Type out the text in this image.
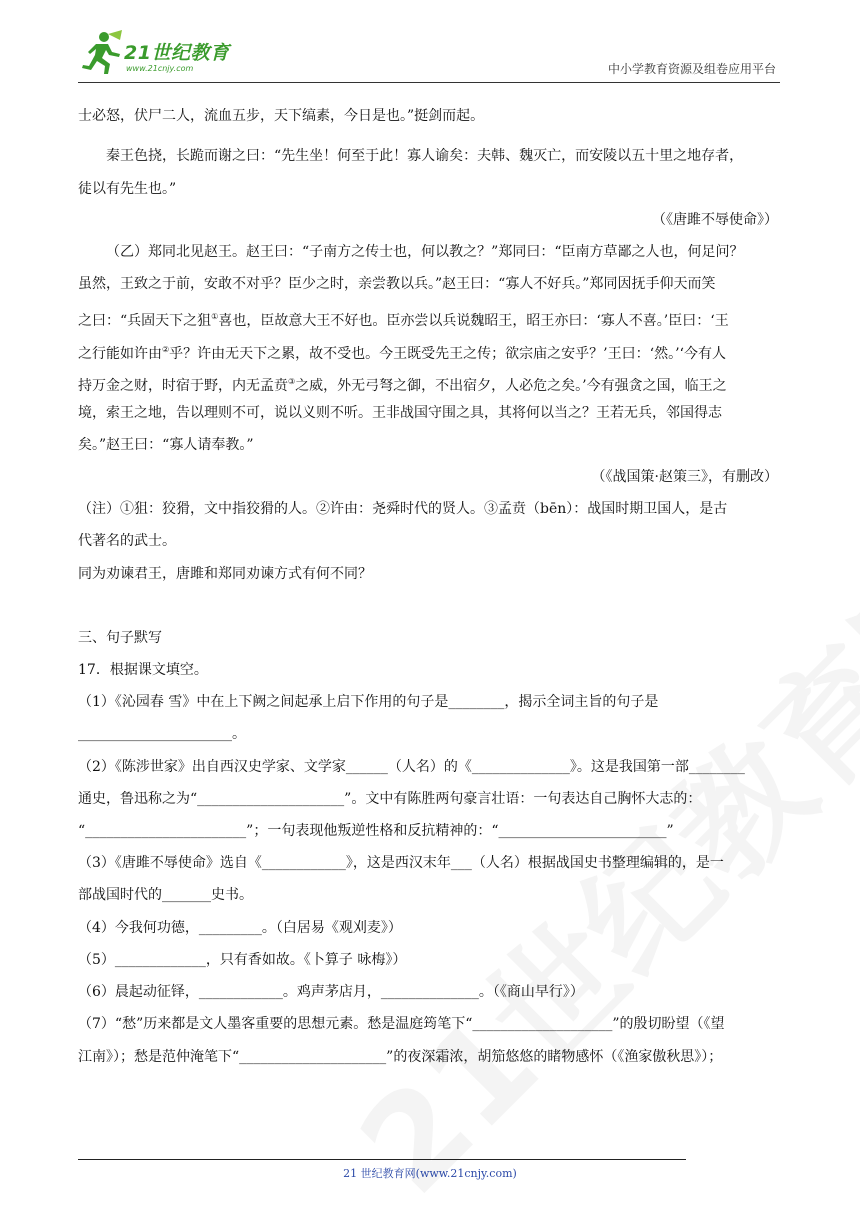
21世纪教育
www.21cnjy.com	中小学教育资源及组卷应用平台
士必怒，伏尸二人，流血五步，天下缟素，今日是也。”挺剑而起。
秦王色挠，长跪而谢之曰：“先生坐！何至于此！寡人谕矣：夫韩、魏灭亡，而安陵以五十里之地存者，
徒以有先生也。”
（《唐雎不辱使命》）
（乙）郑同北见赵王。赵王曰：“子南方之传士也，何以教之？”郑同曰：“臣南方草鄙之人也，何足问？
虽然，王致之于前，安敢不对乎？臣少之时，亲尝教以兵。”赵王曰：“寡人不好兵。”郑同因抚手仰天而笑
之曰：“兵固天下之狙①喜也，臣故意大王不好也。臣亦尝以兵说魏昭王，昭王亦曰：‘寡人不喜。’臣曰：‘王
之行能如许由②乎？许由无天下之累，故不受也。今王既受先王之传；欲宗庙之安乎？’王曰：‘然。’‘今有人
持万金之财，时宿于野，内无孟贲③之威，外无弓弩之御，不出宿夕，人必危之矣。’今有强贪之国，临王之
境，索王之地，告以理则不可，说以义则不听。王非战国守围之具，其将何以当之？王若无兵，邻国得志
矣。”赵王曰：“寡人请奉教。”
（《战国策·赵策三》，有删改）
（注）①狙：狡猾，文中指狡猾的人。②许由：尧舜时代的贤人。③孟贲（bēn）：战国时期卫国人，是古
代著名的武士。
同为劝谏君王，唐雎和郑同劝谏方式有何不同？
三、句子默写
17．根据课文填空。
（1）《沁园春 雪》中在上下阙之间起承上启下作用的句子是________，揭示全词主旨的句子是
______________________。
（2）《陈涉世家》出自西汉史学家、文学家______（人名）的《______________》。这是我国第一部________
通史，鲁迅称之为“_____________________”。文中有陈胜两句豪言壮语：一句表达自己胸怀大志的：
“_______________________”；一句表现他叛逆性格和反抗精神的：“________________________”
（3）《唐雎不辱使命》选自《____________》，这是西汉末年___（人名）根据战国史书整理编辑的，是一
部战国时代的_______史书。
（4）今我何功德，_________。（白居易《观刈麦》）
（5）_____________，只有香如故。《卜算子 咏梅》）
（6）晨起动征铎，____________。鸡声茅店月，______________。（《商山早行》）
（7）“愁”历来都是文人墨客重要的思想元素。愁是温庭筠笔下“____________________”的殷切盼望（《望
江南》）；愁是范仲淹笔下“_____________________”的夜深霜浓，胡笳悠悠的睹物感怀（《渔家傲秋思》）；
21 世纪教育网(www.21cnjy.com)
